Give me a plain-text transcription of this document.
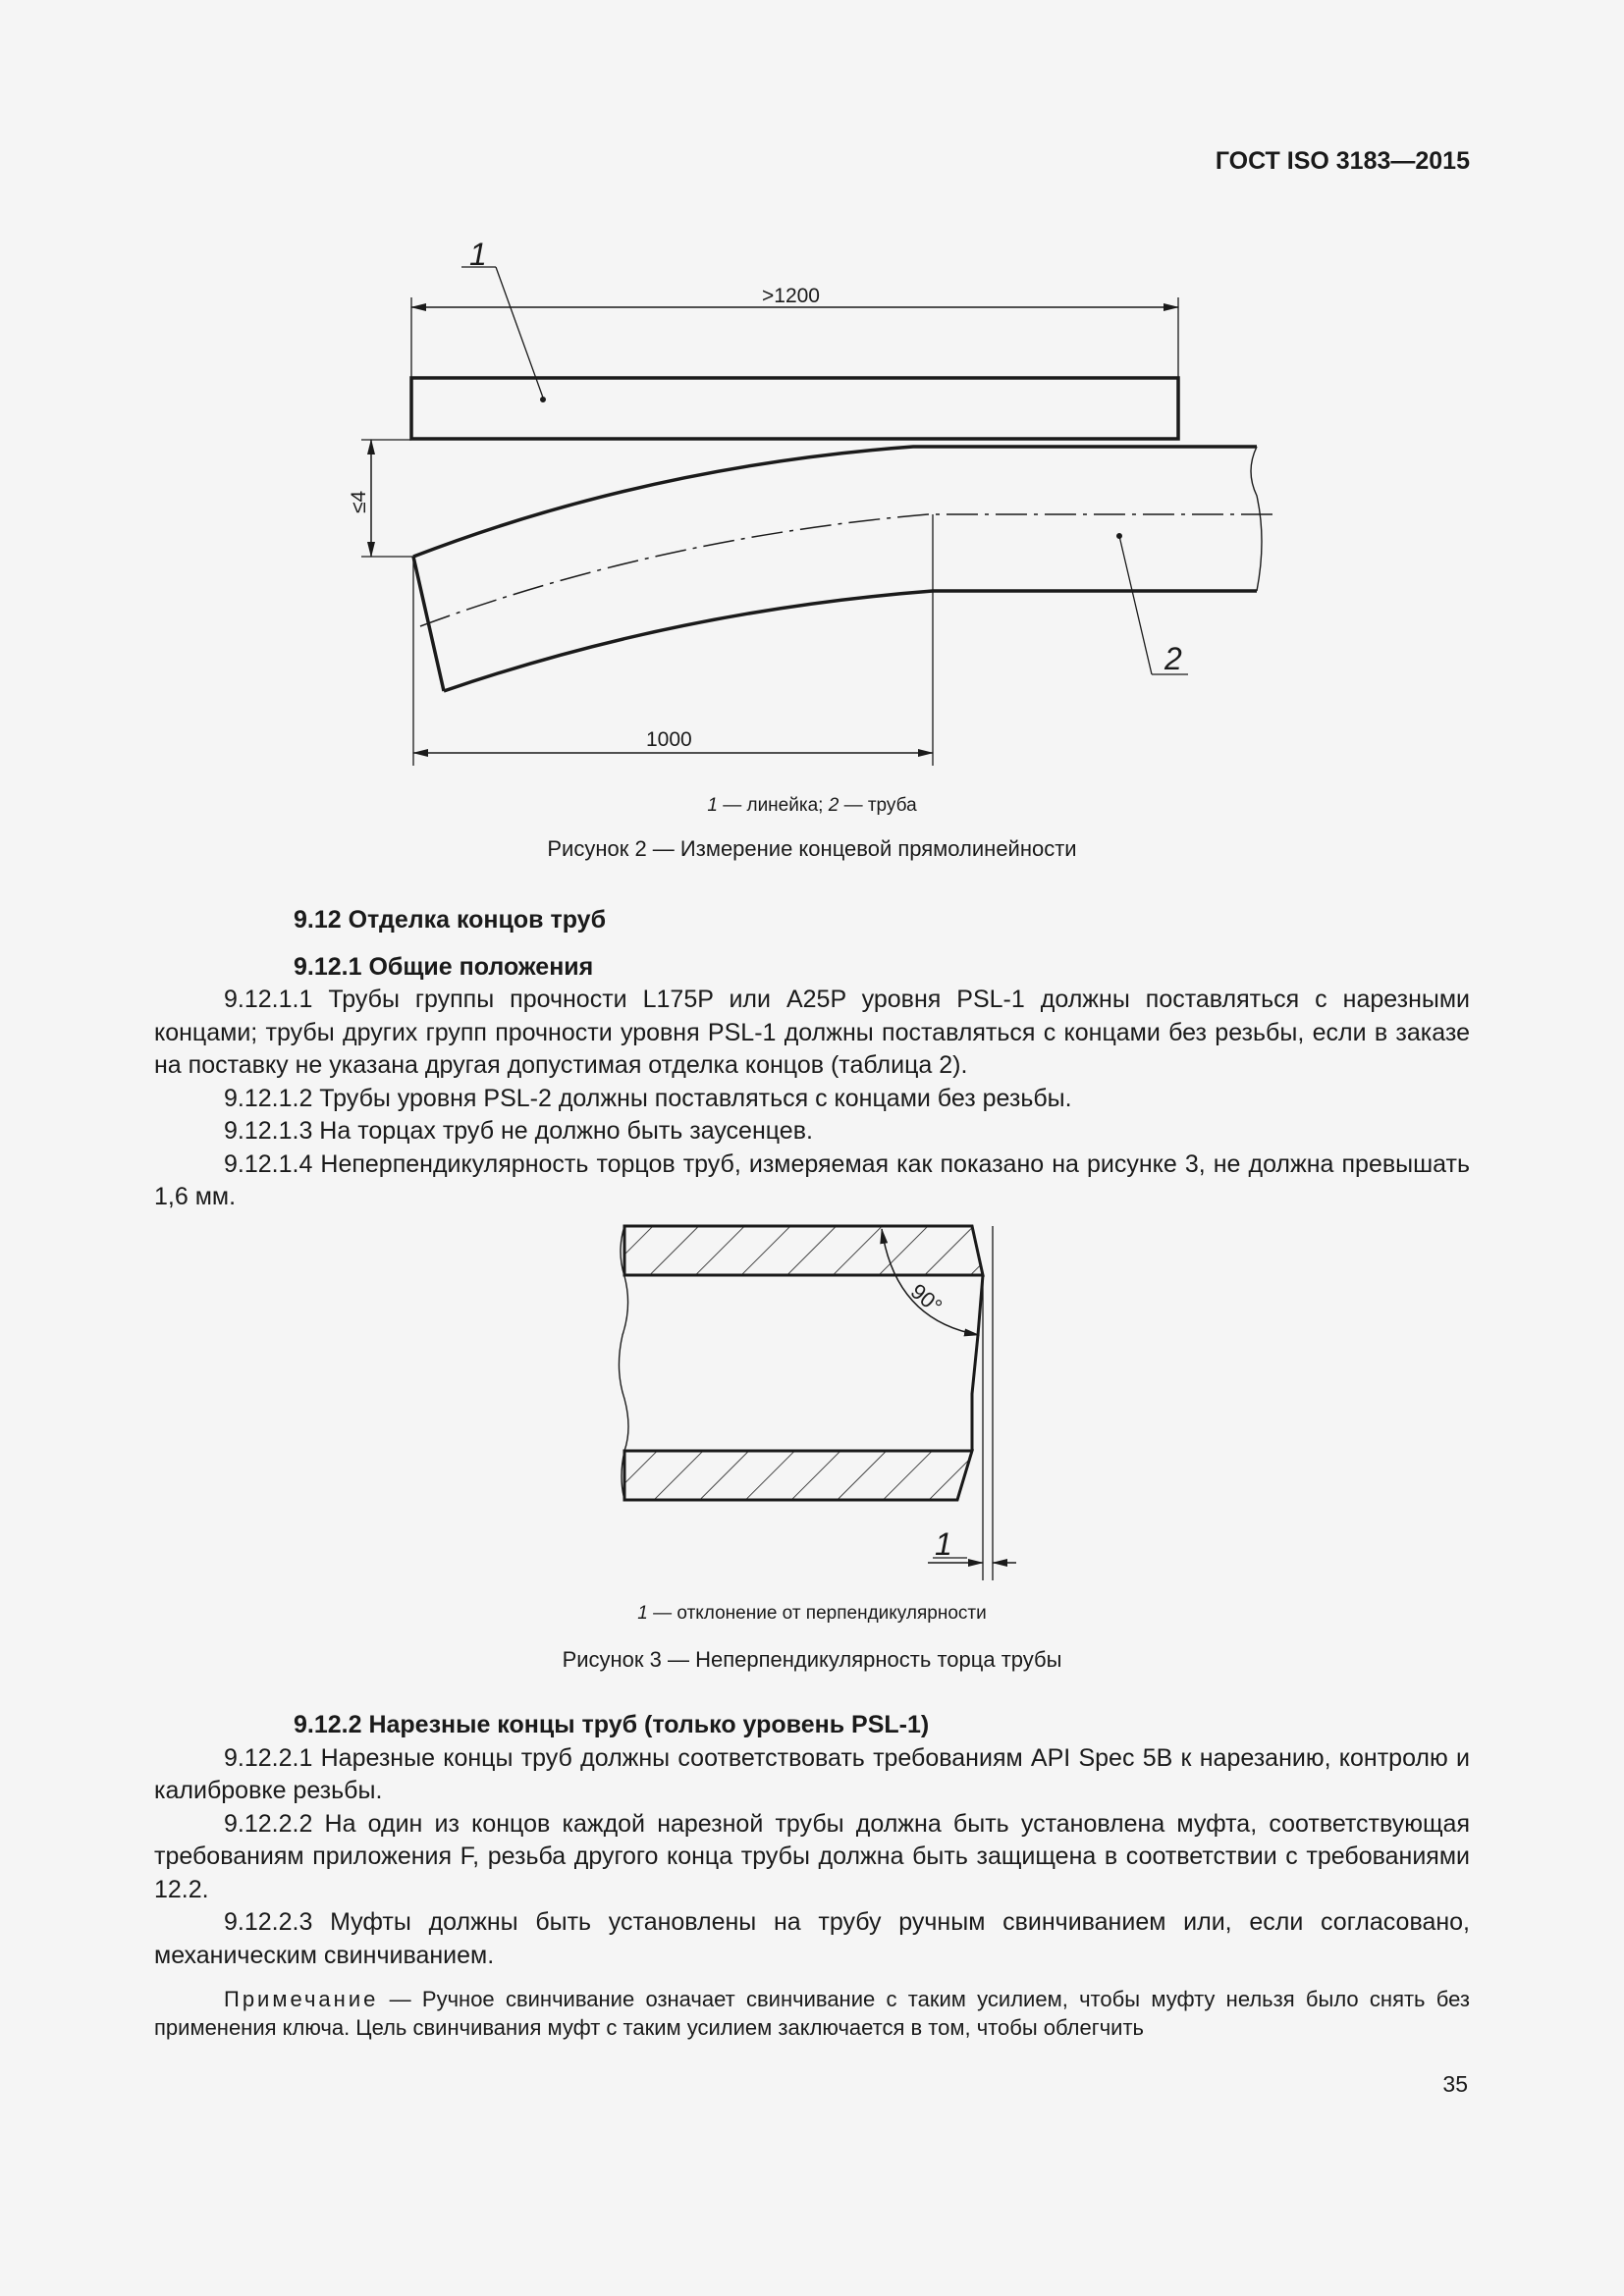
ГОСТ ISO 3183—2015
1
>1200
≤4
1000
2
1 — линейка; 2 — труба
Рисунок 2 — Измерение концевой прямолинейности

9.12 Отделка концов труб

9.12.1 Общие положения

9.12.1.1 Трубы группы прочности L175P или A25P уровня PSL-1 должны поставляться с нарезными концами; трубы других групп прочности уровня PSL-1 должны поставляться с концами без резьбы, если в заказе на поставку не указана другая допустимая отделка концов (таблица 2).

9.12.1.2 Трубы уровня PSL-2 должны поставляться с концами без резьбы.

9.12.1.3 На торцах труб не должно быть заусенцев.

9.12.1.4 Неперпендикулярность торцов труб, измеряемая как показано на рисунке 3, не должна превышать 1,6 мм.

90°
1
1 — отклонение от перпендикулярности
Рисунок 3 — Неперпендикулярность торца трубы

9.12.2 Нарезные концы труб (только уровень PSL-1)

9.12.2.1 Нарезные концы труб должны соответствовать требованиям API Spec 5B к нарезанию, контролю и калибровке резьбы.

9.12.2.2 На один из концов каждой нарезной трубы должна быть установлена муфта, соответствующая требованиям приложения F, резьба другого конца трубы должна быть защищена в соответствии с требованиями 12.2.

9.12.2.3 Муфты должны быть установлены на трубу ручным свинчиванием или, если согласовано, механическим свинчиванием.

Примечание — Ручное свинчивание означает свинчивание с таким усилием, чтобы муфту нельзя было снять без применения ключа. Цель свинчивания муфт с таким усилием заключается в том, чтобы облегчить

35
